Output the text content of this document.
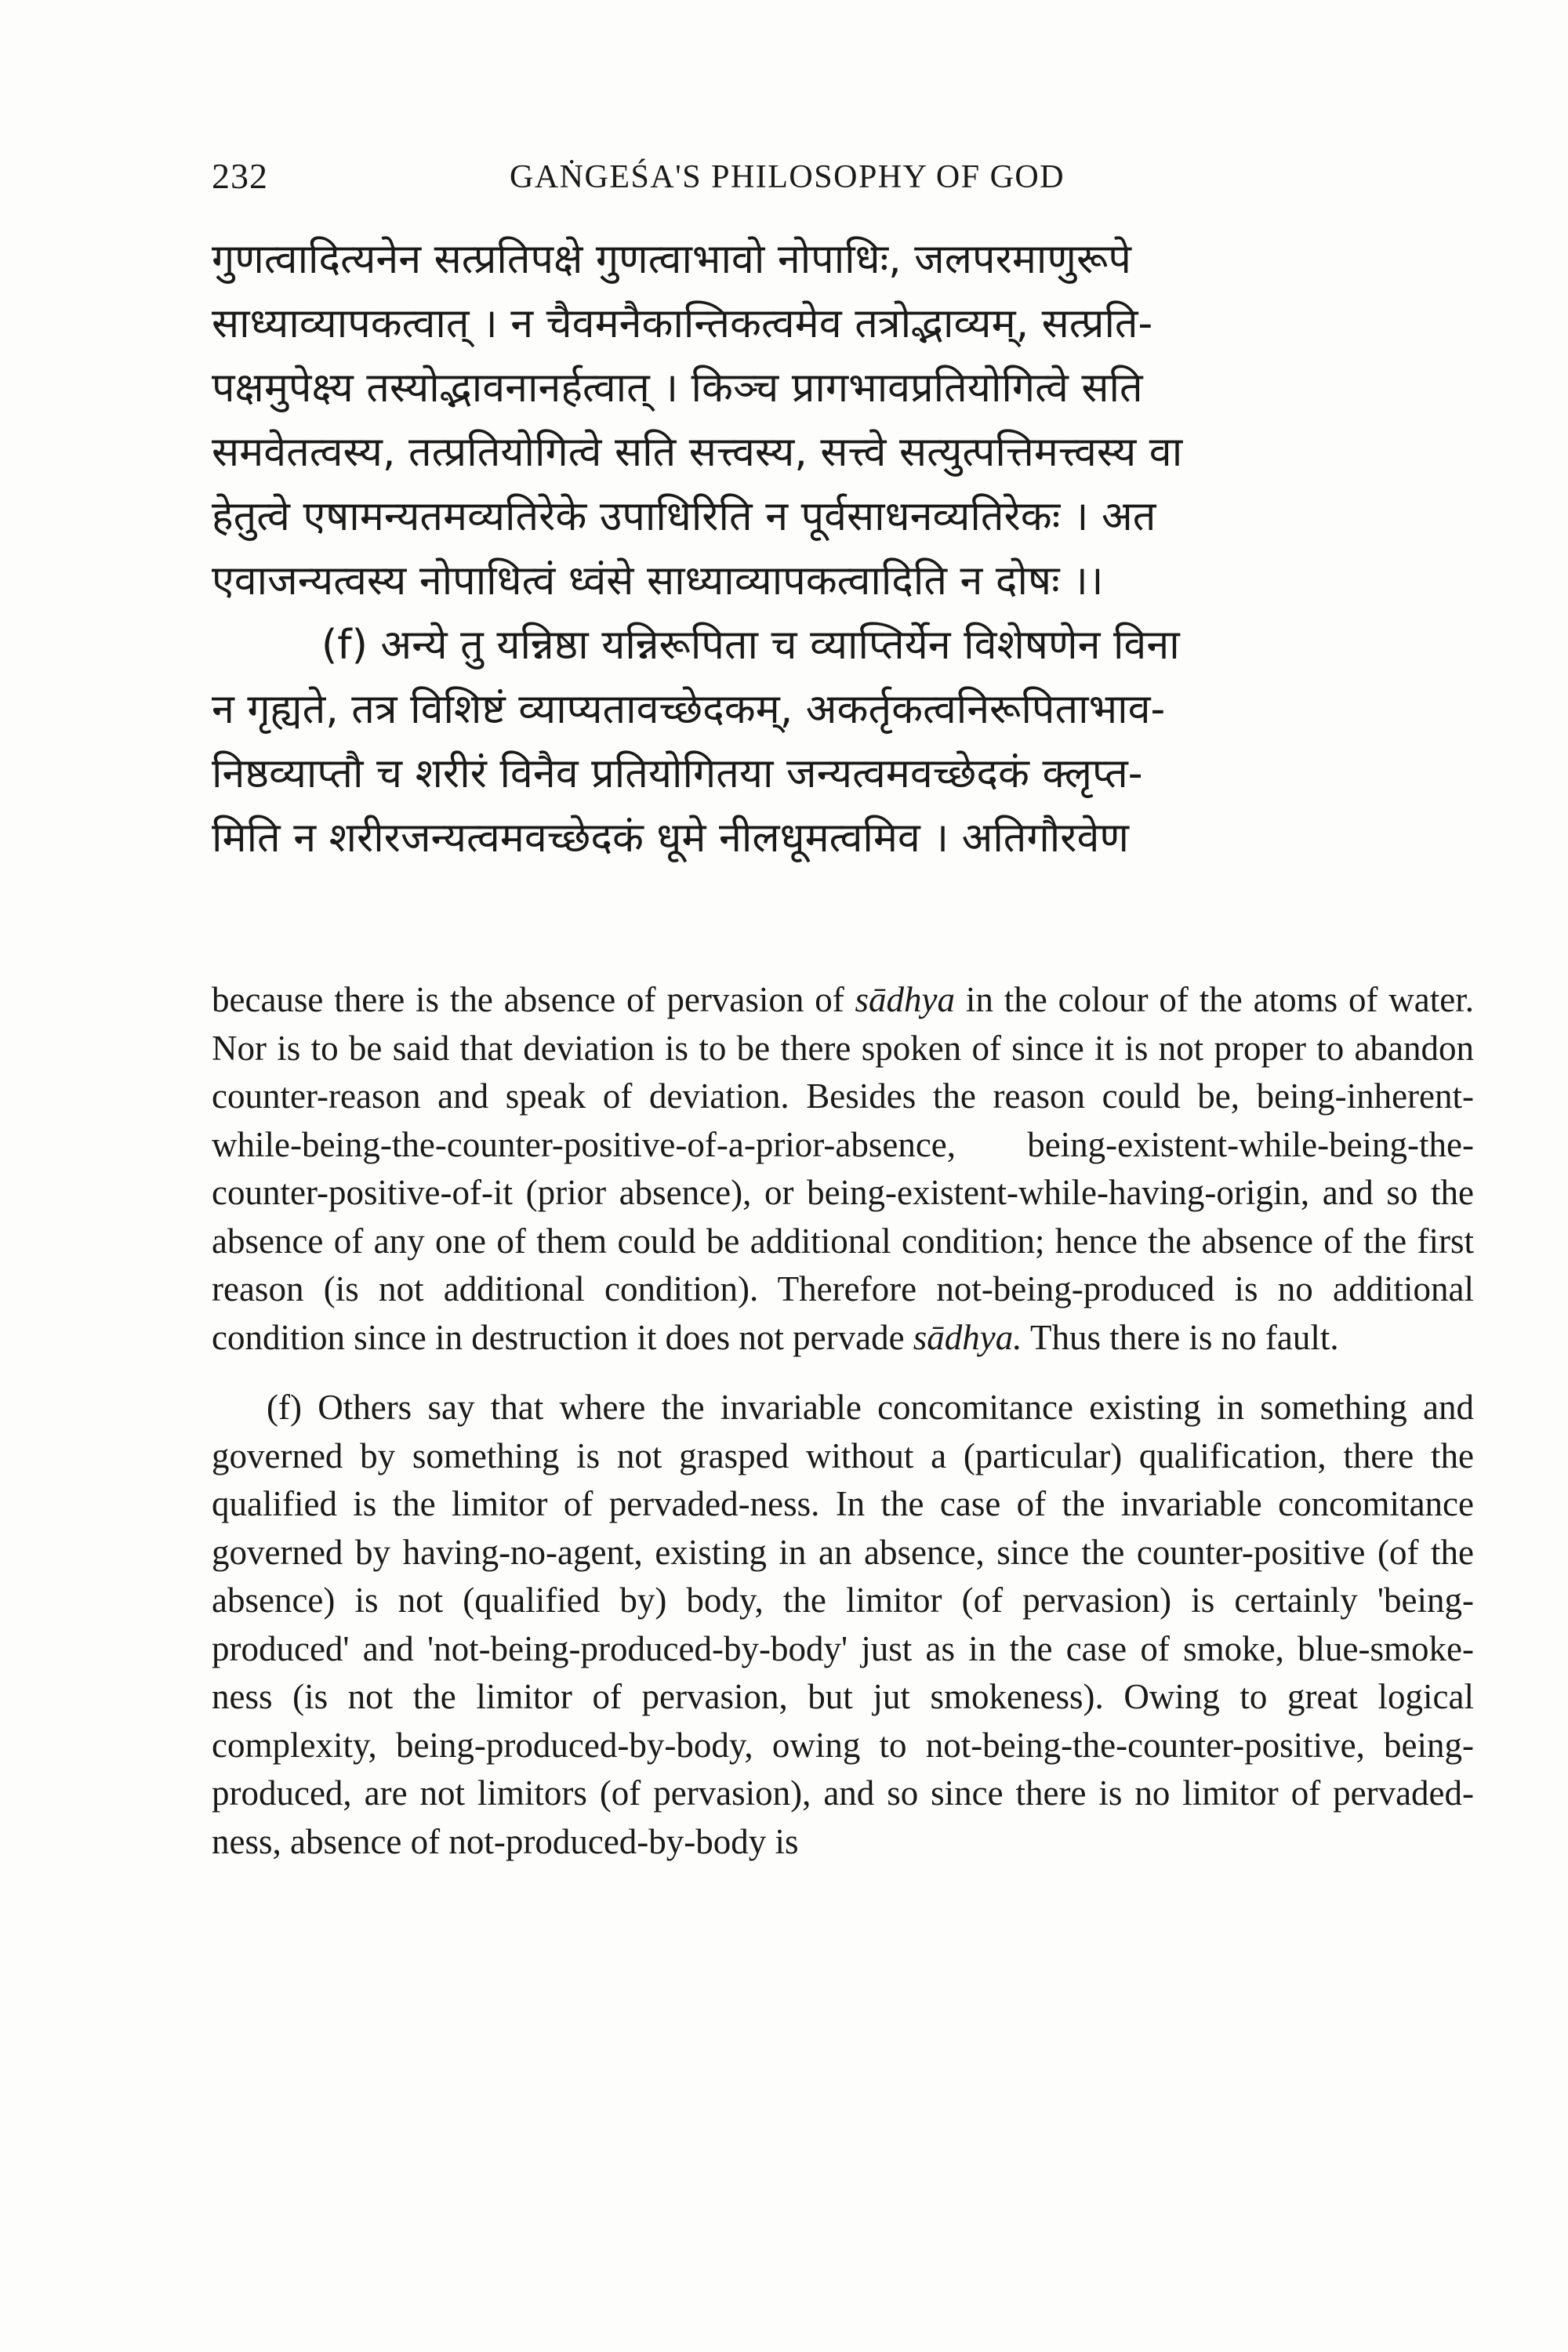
232	GAṄGEŚA'S PHILOSOPHY OF GOD
गुणत्वादित्यनेन सत्प्रतिपक्षे गुणत्वाभावो नोपाधिः, जलपरमाणुरूपे
साध्याव्यापकत्वात् । न चैवमनैकान्तिकत्वमेव तत्रोद्भाव्यम्, सत्प्रति-
पक्षमुपेक्ष्य तस्योद्भावनानर्हत्वात् । किञ्च प्रागभावप्रतियोगित्वे सति
समवेतत्वस्य, तत्प्रतियोगित्वे सति सत्त्वस्य, सत्त्वे सत्युत्पत्तिमत्त्वस्य वा
हेतुत्वे एषामन्यतमव्यतिरेके उपाधिरिति न पूर्वसाधनव्यतिरेकः । अत
एवाजन्यत्वस्य नोपाधित्वं ध्वंसे साध्याव्यापकत्वादिति न दोषः ।।
(f) अन्ये तु यन्निष्ठा यन्निरूपिता च व्याप्तिर्येन विशेषणेन विना
न गृह्यते, तत्र विशिष्टं व्याप्यतावच्छेदकम्, अकर्तृकत्वनिरूपिताभाव-
निष्ठव्याप्तौ च शरीरं विनैव प्रतियोगितया जन्यत्वमवच्छेदकं क्लृप्त-
मिति न शरीरजन्यत्वमवच्छेदकं धूमे नीलधूमत्वमिव । अतिगौरवेण

because there is the absence of pervasion of sādhya in the colour of the atoms of water. Nor is to be said that deviation is to be there spoken of since it is not proper to abandon counter-reason and speak of deviation. Besides the reason could be, being-inherent-while-being-the-counter-positive-of-a-prior-absence, being-existent-while-being-the-counter-positive-of-it (prior absence), or being-existent-while-having-origin, and so the absence of any one of them could be additional condition; hence the absence of the first reason (is not additional condition). Therefore not-being-produced is no additional condition since in destruction it does not pervade sādhya. Thus there is no fault.

(f) Others say that where the invariable concomitance existing in something and governed by something is not grasped without a (particular) qualification, there the qualified is the limitor of pervaded-ness. In the case of the invariable concomitance governed by having-no-agent, existing in an absence, since the counter-positive (of the absence) is not (qualified by) body, the limitor (of pervasion) is certainly 'being-produced' and 'not-being-produced-by-body' just as in the case of smoke, blue-smoke-ness (is not the limitor of pervasion, but jut smokeness). Owing to great logical complexity, being-produced-by-body, owing to not-being-the-counter-positive, being-produced, are not limitors (of pervasion), and so since there is no limitor of pervaded-ness, absence of not-produced-by-body is
